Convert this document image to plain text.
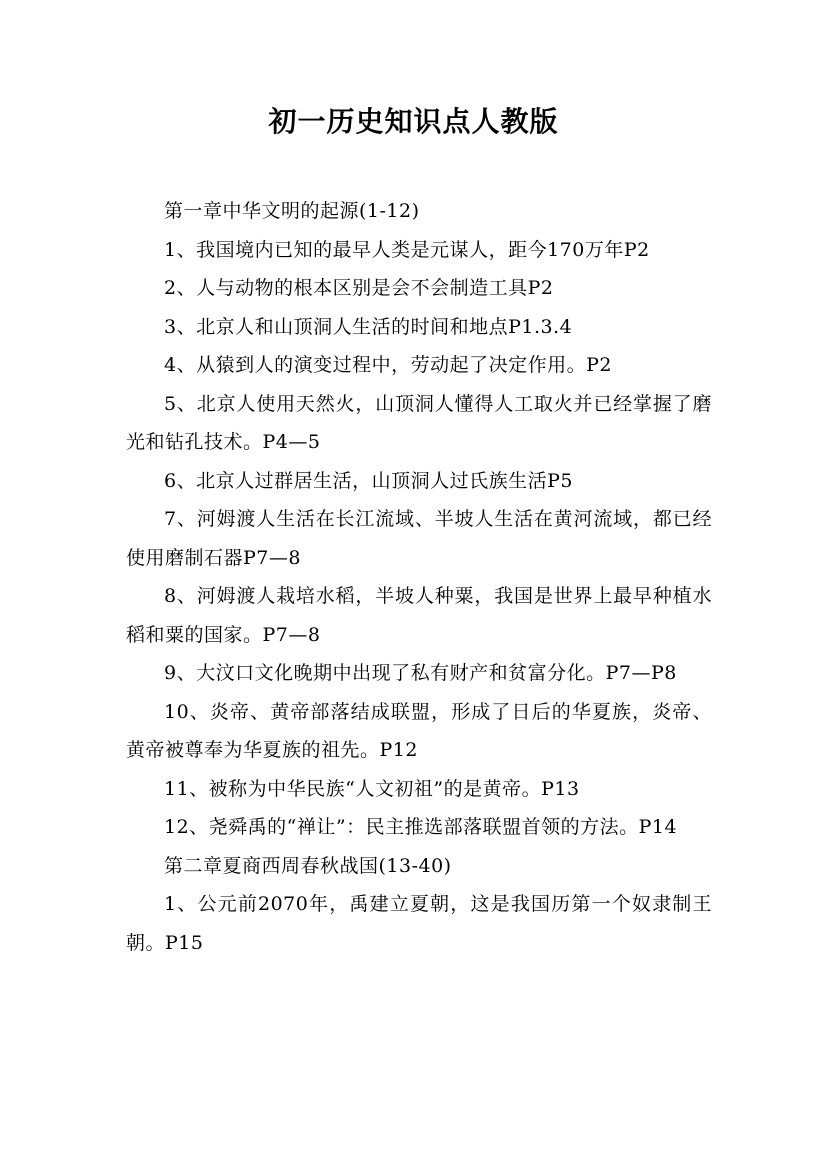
初一历史知识点人教版

第一章中华文明的起源(1-12)

1、我国境内已知的最早人类是元谋人，距今170万年P2

2、人与动物的根本区别是会不会制造工具P2

3、北京人和山顶洞人生活的时间和地点P1.3.4

4、从猿到人的演变过程中，劳动起了决定作用。P2

5、北京人使用天然火，山顶洞人懂得人工取火并已经掌握了磨光和钻孔技术。P4—5

6、北京人过群居生活，山顶洞人过氏族生活P5

7、河姆渡人生活在长江流域、半坡人生活在黄河流域，都已经使用磨制石器P7—8

8、河姆渡人栽培水稻，半坡人种粟，我国是世界上最早种植水稻和粟的国家。P7—8

9、大汶口文化晚期中出现了私有财产和贫富分化。P7—P8

10、炎帝、黄帝部落结成联盟，形成了日后的华夏族，炎帝、黄帝被尊奉为华夏族的祖先。P12

11、被称为中华民族“人文初祖”的是黄帝。P13

12、尧舜禹的“禅让”：民主推选部落联盟首领的方法。P14

第二章夏商西周春秋战国(13-40)

1、公元前2070年，禹建立夏朝，这是我国历第一个奴隶制王朝。P15
